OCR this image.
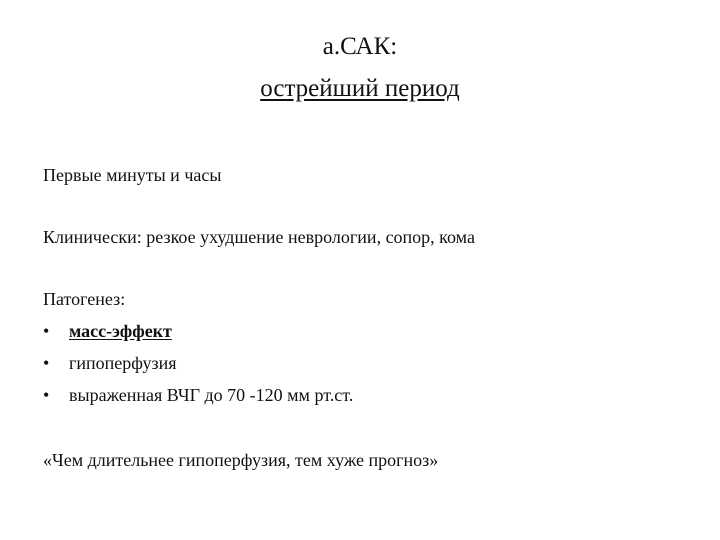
а.САК:
острейший период

Первые минуты и часы

Клинически: резкое ухудшение неврологии, сопор, кома

Патогенез:

• масс-эффект

• гипоперфузия

• выраженная ВЧГ до 70 -120 мм рт.ст.

«Чем длительнее гипоперфузия, тем хуже прогноз»
